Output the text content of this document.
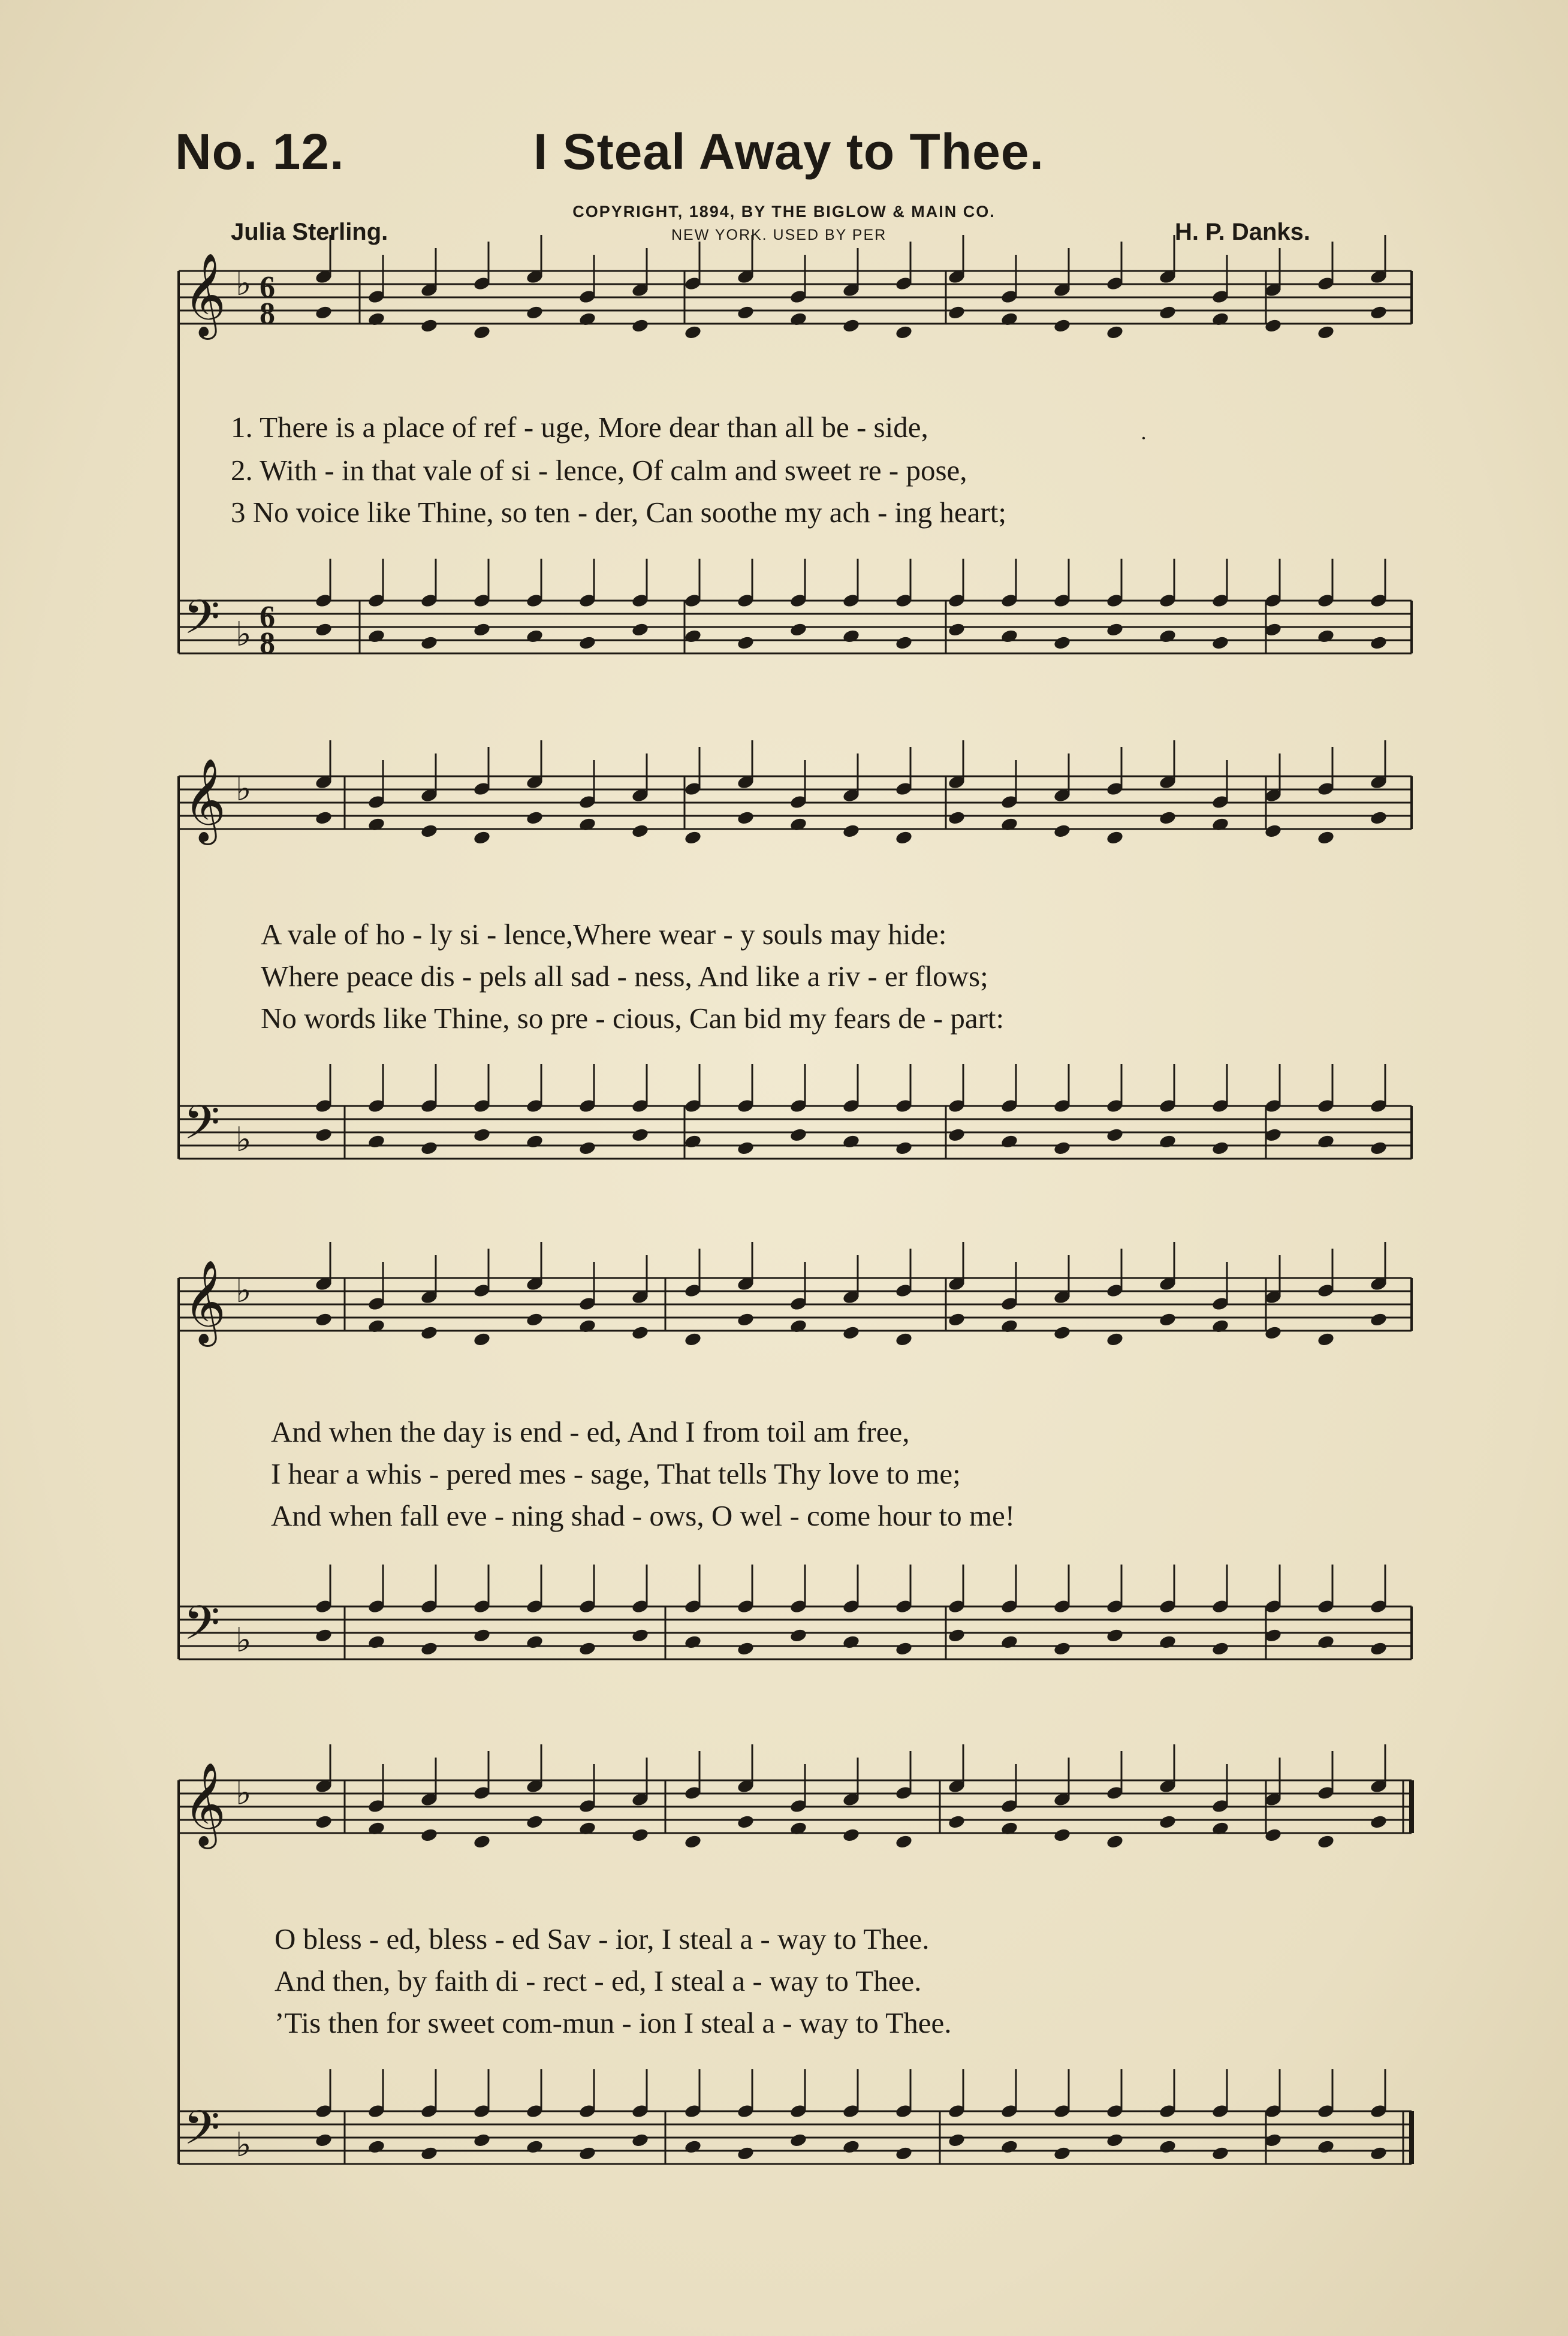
No. 12.	I Steal Away to Thee.
COPYRIGHT, 1894, BY THE BIGLOW & MAIN CO.
NEW YORK. USED BY PER
Julia Sterling.	H. P. Danks.
𝄞 ♭ 6
8
𝄢 ♭ 6
8
𝄞 ♭
𝄢 ♭
𝄞 ♭
𝄢 ♭
𝄞 ♭
𝄢 ♭
1. There is a place of ref - uge, More dear than all be - side,
2. With - in that vale of si - lence, Of calm and sweet re - pose,
3 No voice like Thine, so ten - der, Can soothe my ach - ing heart;
A vale of ho - ly si - lence,Where wear - y souls may hide:
Where peace dis - pels all sad - ness, And like a riv - er flows;
No words like Thine, so pre - cious, Can bid my fears de - part:
And when the day is end - ed, And I from toil am free,
I hear a whis - pered mes - sage, That tells Thy love to me;
And when fall eve - ning shad - ows, O wel - come hour to me!
O bless - ed, bless - ed Sav - ior, I steal a - way to Thee.
And then, by faith di - rect - ed, I steal a - way to Thee.
’Tis then for sweet com-mun - ion I steal a - way to Thee.
·
